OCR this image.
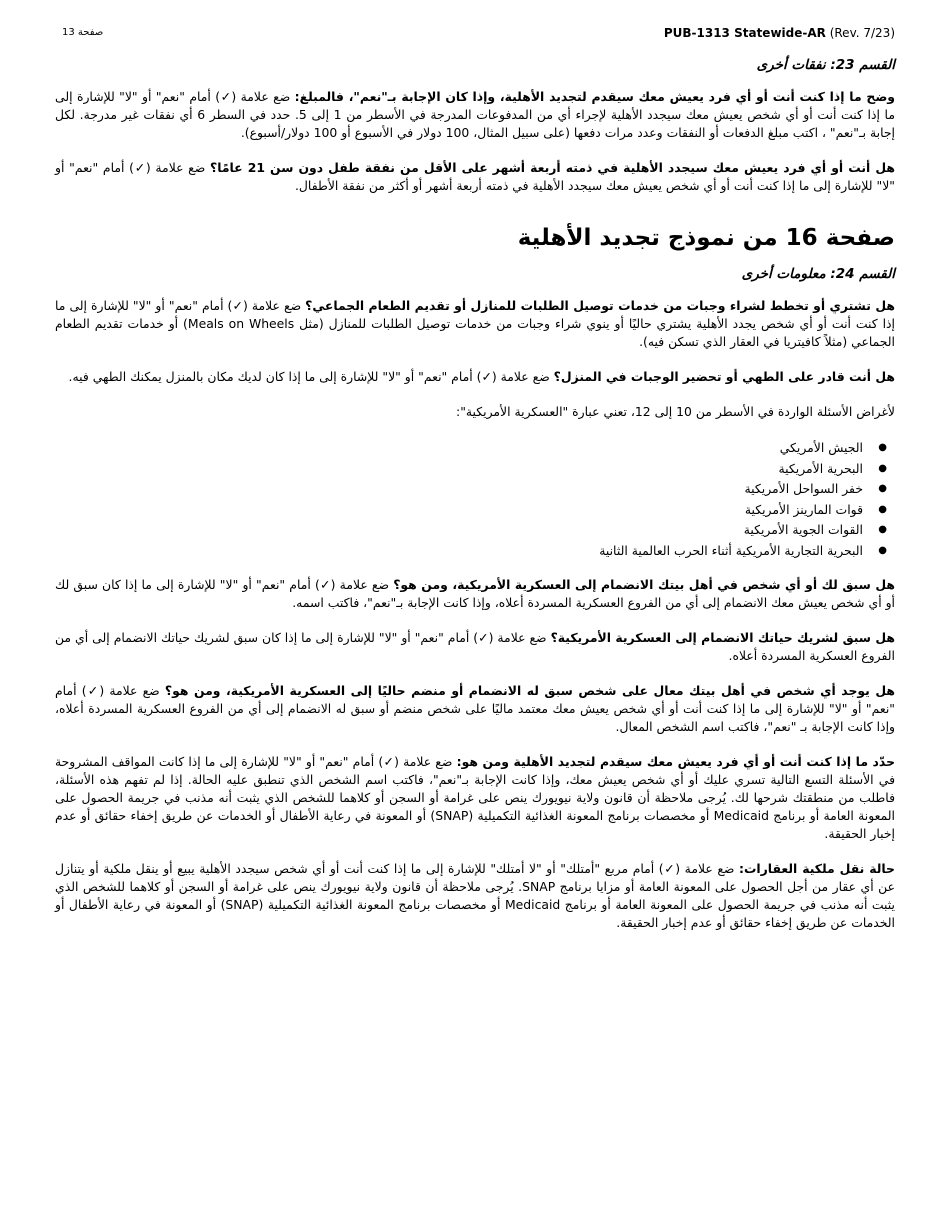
صفحة 13	PUB-1313 Statewide-AR (Rev. 7/23)
القسم 23: نفقات أخرى

وضح ما إذا كنت أنت أو أي فرد يعيش معك سيقدم لتجديد الأهلية، وإذا كان الإجابة بـ"نعم"، فالمبلغ: ضع علامة (✓) أمام "نعم" أو "لا" للإشارة إلى ما إذا كنت أنت أو أي شخص يعيش معك سيجدد الأهلية لإجراء أي من المدفوعات المدرجة في الأسطر من 1 إلى 5. حدد في السطر 6 أي نفقات غير مدرجة. لكل إجابة بـ"نعم" ، اكتب مبلغ الدفعات أو النفقات وعدد مرات دفعها (على سبيل المثال، 100 دولار في الأسبوع أو 100 دولار/أسبوع).

هل أنت أو أي فرد يعيش معك سيجدد الأهلية في ذمته أربعة أشهر على الأقل من نفقة طفل دون سن 21 عامًا؟ ضع علامة (✓) أمام "نعم" أو "لا" للإشارة إلى ما إذا كنت أنت أو أي شخص يعيش معك سيجدد الأهلية في ذمته أربعة أشهر أو أكثر من نفقة الأطفال.

صفحة 16 من نموذج تجديد الأهلية
القسم 24: معلومات أخرى

هل تشتري أو تخطط لشراء وجبات من خدمات توصيل الطلبات للمنازل أو تقديم الطعام الجماعي؟ ضع علامة (✓) أمام "نعم" أو "لا" للإشارة إلى ما إذا كنت أنت أو أي شخص يجدد الأهلية يشتري حاليًا أو ينوي شراء وجبات من خدمات توصيل الطلبات للمنازل (مثل Meals on Wheels) أو خدمات تقديم الطعام الجماعي (مثلاً كافيتريا في العقار الذي تسكن فيه).

هل أنت قادر على الطهي أو تحضير الوجبات في المنزل؟ ضع علامة (✓) أمام "نعم" أو "لا" للإشارة إلى ما إذا كان لديك مكان بالمنزل يمكنك الطهي فيه.

لأغراض الأسئلة الواردة في الأسطر من 10 إلى 12، تعني عبارة "العسكرية الأمريكية":

●
الجيش الأمريكي
●
البحرية الأمريكية
●
خفر السواحل الأمريكية
●
قوات المارينز الأمريكية
●
القوات الجوية الأمريكية
●
البحرية التجارية الأمريكية أثناء الحرب العالمية الثانية

هل سبق لك أو أي شخص في أهل بيتك الانضمام إلى العسكرية الأمريكية، ومن هو؟ ضع علامة (✓) أمام "نعم" أو "لا" للإشارة إلى ما إذا كان سبق لك أو أي شخص يعيش معك الانضمام إلى أي من الفروع العسكرية المسردة أعلاه، وإذا كانت الإجابة بـ"نعم"، فاكتب اسمه.

هل سبق لشريك حياتك الانضمام إلى العسكرية الأمريكية؟ ضع علامة (✓) أمام "نعم" أو "لا" للإشارة إلى ما إذا كان سبق لشريك حياتك الانضمام إلى أي من الفروع العسكرية المسردة أعلاه.

هل يوجد أي شخص في أهل بيتك معال على شخص سبق له الانضمام أو منضم حاليًا إلى العسكرية الأمريكية، ومن هو؟ ضع علامة (✓) أمام "نعم" أو "لا" للإشارة إلى ما إذا كنت أنت أو أي شخص يعيش معك معتمد ماليًا على شخص منضم أو سبق له الانضمام إلى أي من الفروع العسكرية المسردة أعلاه، وإذا كانت الإجابة بـ "نعم"، فاكتب اسم الشخص المعال.

حدّد ما إذا كنت أنت أو أي فرد يعيش معك سيقدم لتجديد الأهلية ومن هو: ضع علامة (✓) أمام "نعم" أو "لا" للإشارة إلى ما إذا كانت المواقف المشروحة في الأسئلة التسع التالية تسري عليك أو أي شخص يعيش معك، وإذا كانت الإجابة بـ"نعم"، فاكتب اسم الشخص الذي تنطبق عليه الحالة. إذا لم تفهم هذه الأسئلة، فاطلب من منطقتك شرحها لك. يُرجى ملاحظة أن قانون ولاية نيويورك ينص على غرامة أو السجن أو كلاهما للشخص الذي يثبت أنه مذنب في جريمة الحصول على المعونة العامة أو برنامج Medicaid أو مخصصات برنامج المعونة الغذائية التكميلية (SNAP) أو المعونة في رعاية الأطفال أو الخدمات عن طريق إخفاء حقائق أو عدم إخبار الحقيقة.

حالة نقل ملكية العقارات: ضع علامة (✓) أمام مربع "أمتلك" أو "لا أمتلك" للإشارة إلى ما إذا كنت أنت أو أي شخص سيجدد الأهلية يبيع أو ينقل ملكية أو يتنازل عن أي عقار من أجل الحصول على المعونة العامة أو مزايا برنامج SNAP. يُرجى ملاحظة أن قانون ولاية نيويورك ينص على غرامة أو السجن أو كلاهما للشخص الذي يثبت أنه مذنب في جريمة الحصول على المعونة العامة أو برنامج Medicaid أو مخصصات برنامج المعونة الغذائية التكميلية (SNAP) أو المعونة في رعاية الأطفال أو الخدمات عن طريق إخفاء حقائق أو عدم إخبار الحقيقة.
